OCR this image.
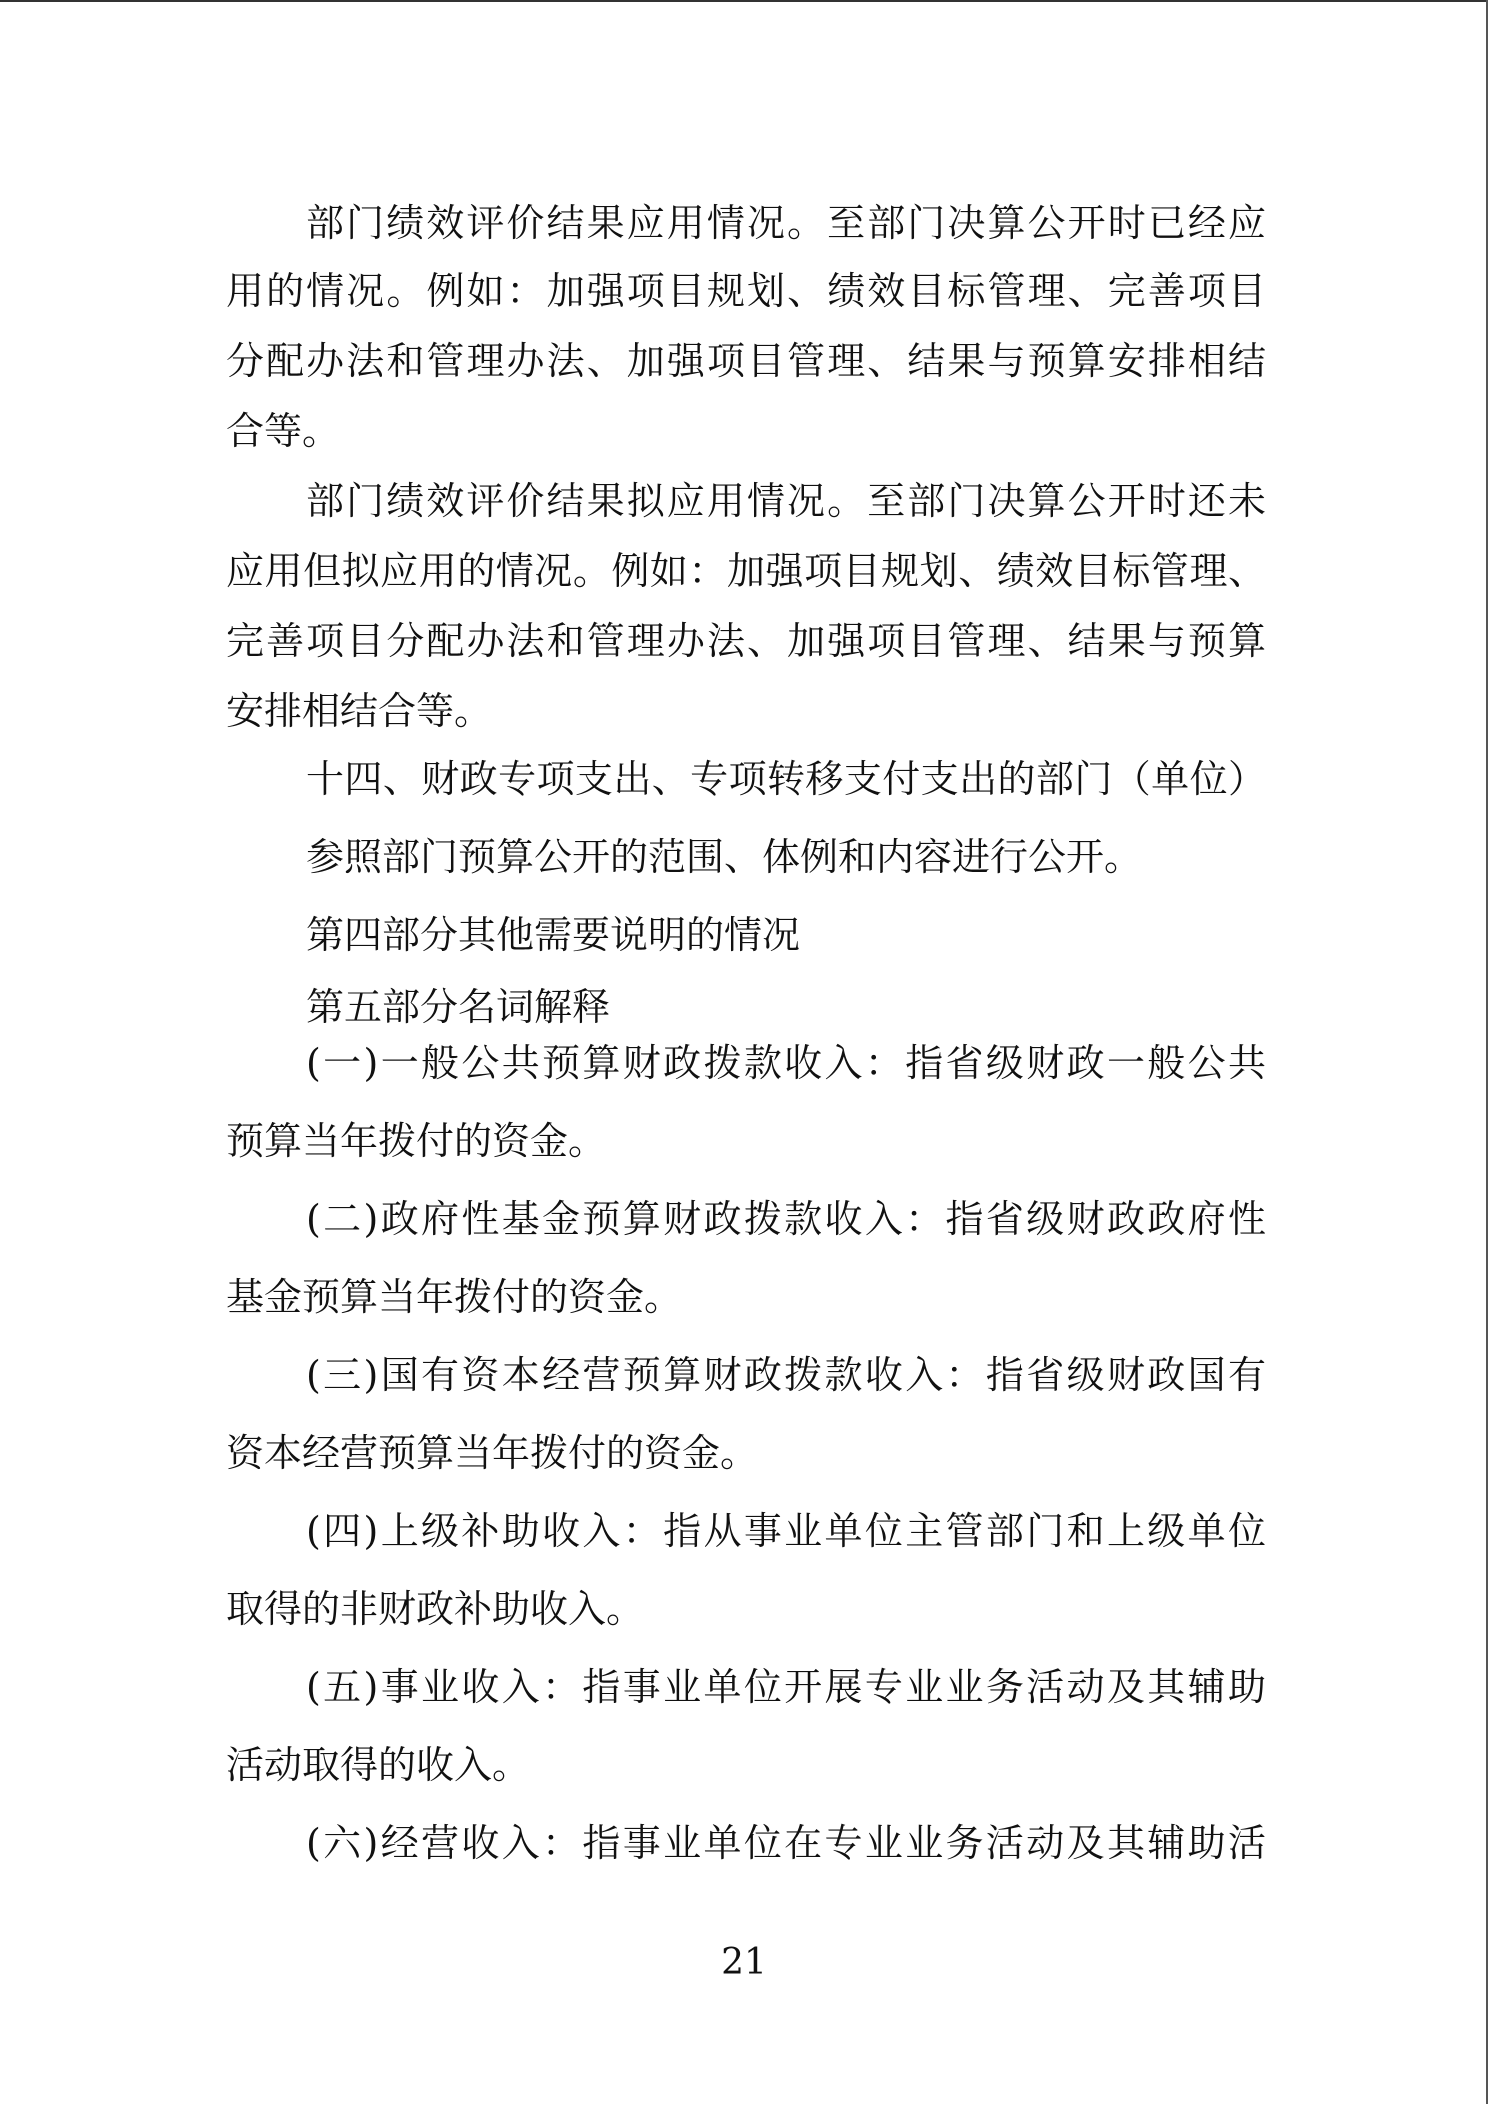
部门绩效评价结果应用情况。至部门决算公开时已经应
用的情况。例如：加强项目规划、绩效目标管理、完善项目
分配办法和管理办法、加强项目管理、结果与预算安排相结
合等。
部门绩效评价结果拟应用情况。至部门决算公开时还未
应用但拟应用的情况。例如：加强项目规划、绩效目标管理、
完善项目分配办法和管理办法、加强项目管理、结果与预算
安排相结合等。
十四、财政专项支出、专项转移支付支出的部门（单位）
参照部门预算公开的范围、体例和内容进行公开。
第四部分其他需要说明的情况
第五部分名词解释
(一)一般公共预算财政拨款收入：指省级财政一般公共
预算当年拨付的资金。
(二)政府性基金预算财政拨款收入：指省级财政政府性
基金预算当年拨付的资金。
(三)国有资本经营预算财政拨款收入：指省级财政国有
资本经营预算当年拨付的资金。
(四)上级补助收入：指从事业单位主管部门和上级单位
取得的非财政补助收入。
(五)事业收入：指事业单位开展专业业务活动及其辅助
活动取得的收入。
(六)经营收入：指事业单位在专业业务活动及其辅助活
21
